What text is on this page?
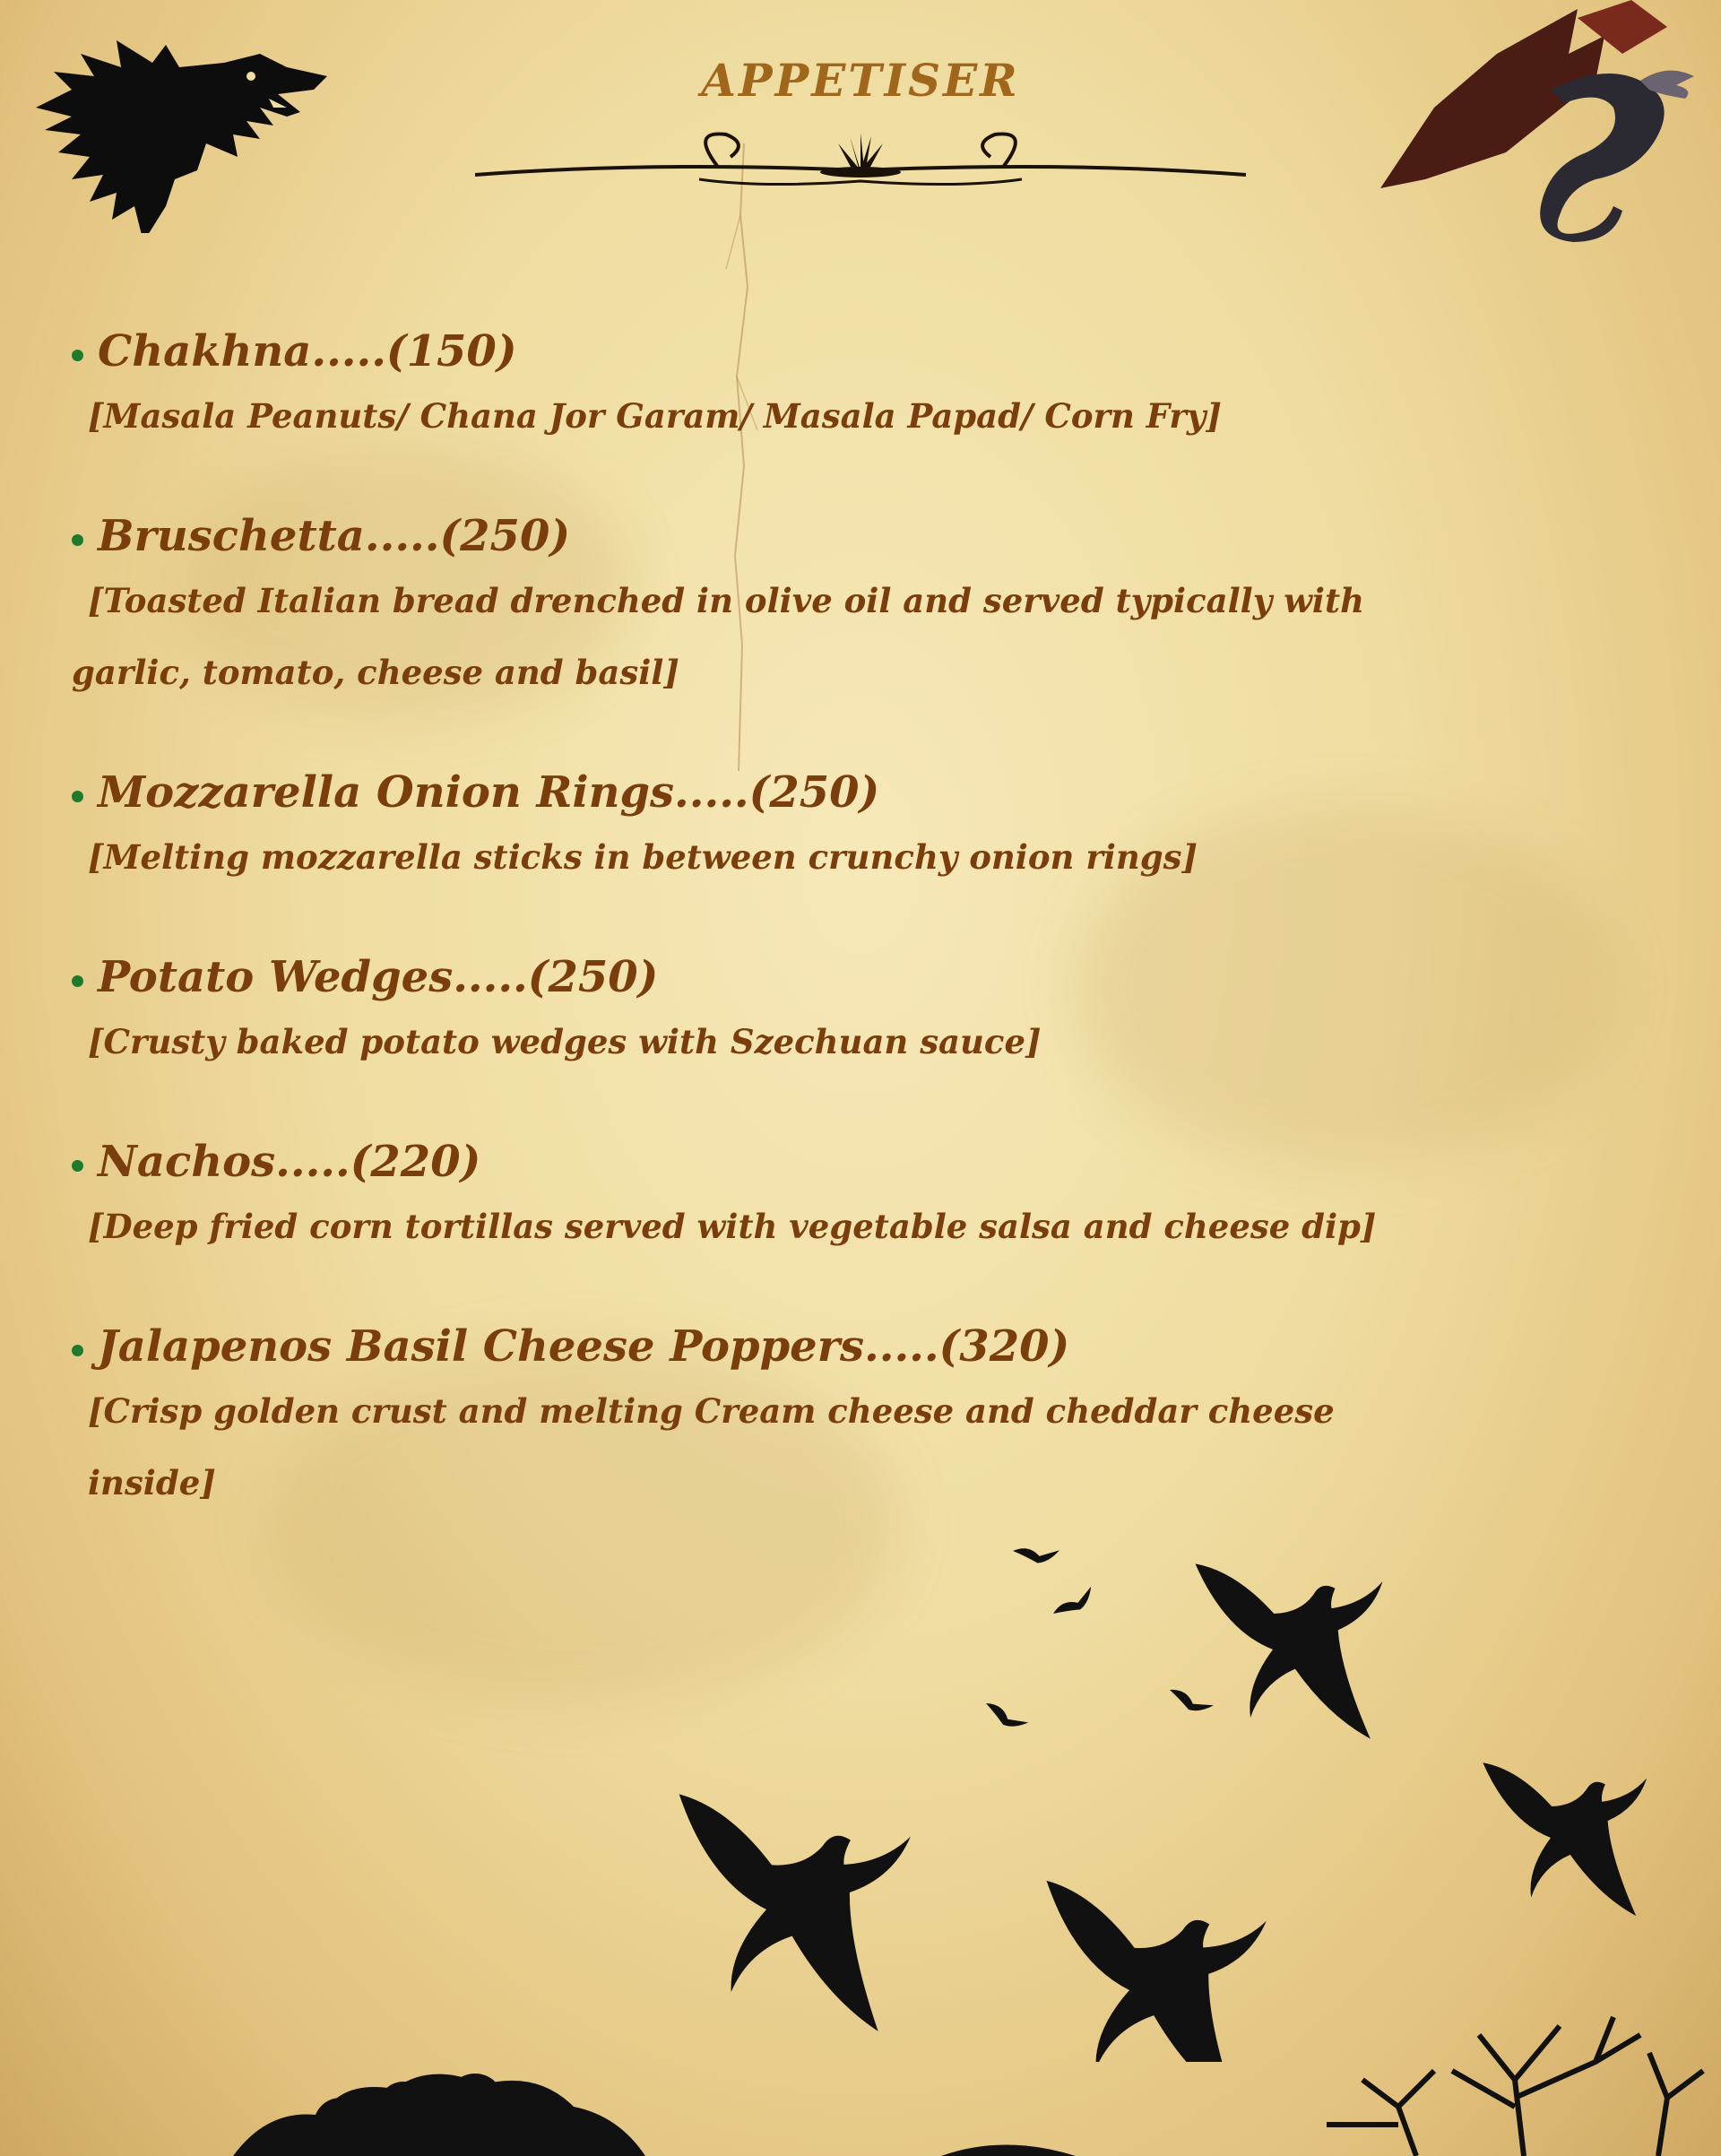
APPETISER
Chakhna.....(150)
[Masala Peanuts/ Chana Jor Garam/ Masala Papad/ Corn Fry]
Bruschetta.....(250)
[Toasted Italian bread drenched in olive oil and served typically with garlic, tomato, cheese and basil]
Mozzarella Onion Rings.....(250)
[Melting mozzarella sticks in between crunchy onion rings]
Potato Wedges.....(250)
[Crusty baked potato wedges with Szechuan sauce]
Nachos.....(220)
[Deep fried corn tortillas served with vegetable salsa and cheese dip]
Jalapenos Basil Cheese Poppers.....(320)
[Crisp golden crust and melting Cream cheese and cheddar cheese inside]
